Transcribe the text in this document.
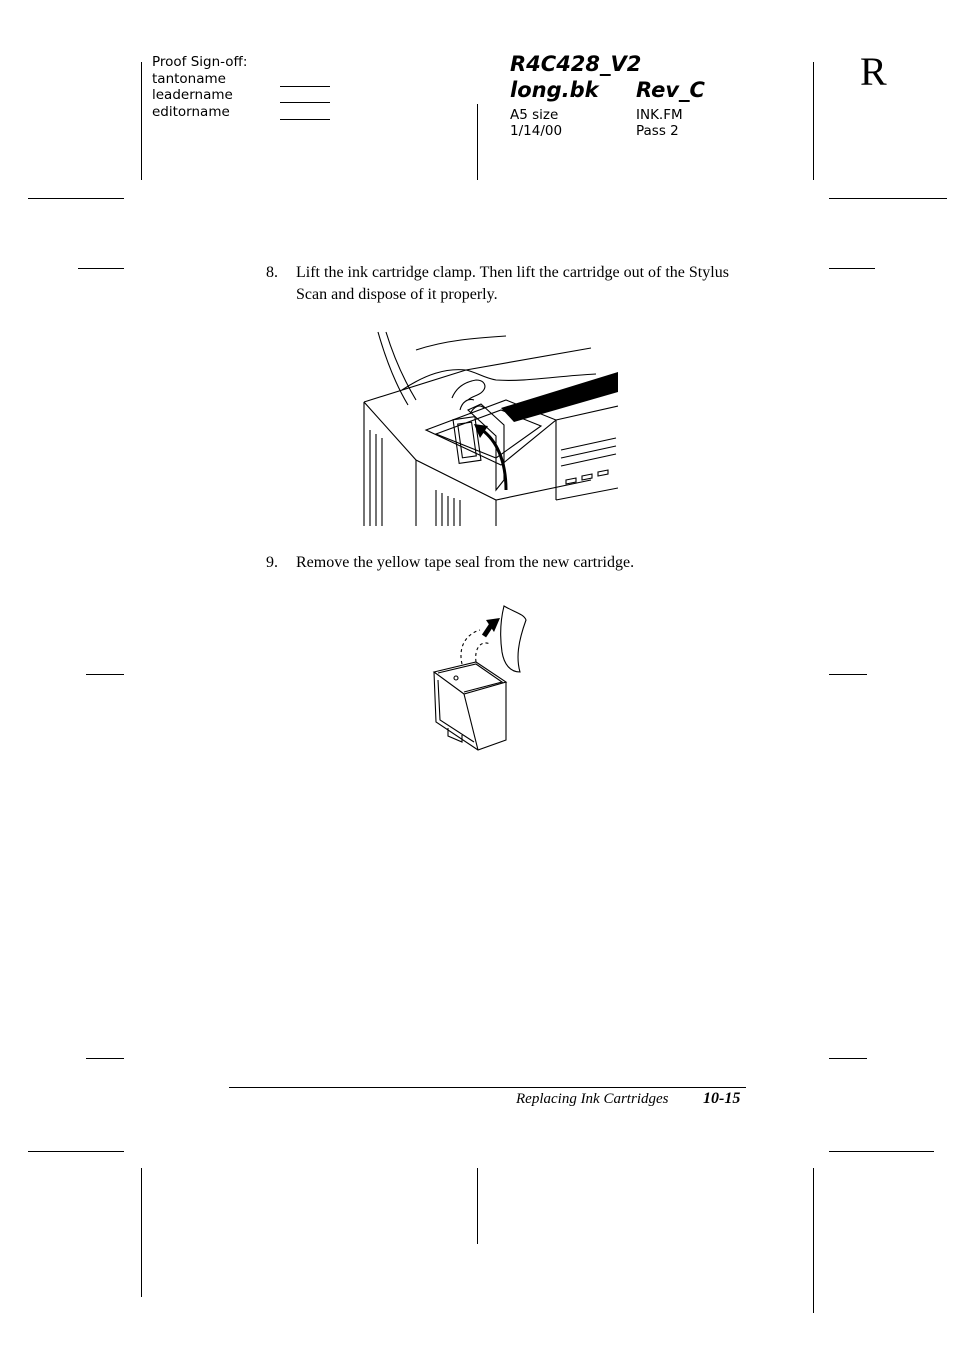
Proof Sign-off:
tantoname
leadername
editorname
R4C428_V2
long.bk Rev_C
A5 size	INK.FM
1/14/00	Pass 2
R
8. Lift the ink cartridge clamp. Then lift the cartridge out of the Stylus Scan and dispose of it properly.
9. Remove the yellow tape seal from the new cartridge.
Replacing Ink Cartridges 10-15
